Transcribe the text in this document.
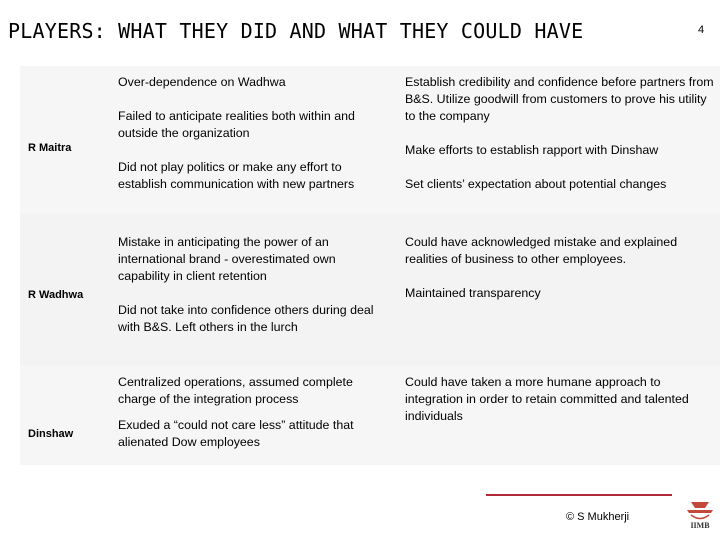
PLAYERS: WHAT THEY DID AND WHAT THEY COULD HAVE	4
R Maitra

Over-dependence on Wadhwa

Failed to anticipate realities both within and outside the organization

Did not play politics or make any effort to establish communication with new partners

Establish credibility and confidence before partners from B&S. Utilize goodwill from customers to prove his utility to the company

Make efforts to establish rapport with Dinshaw

Set clients’ expectation about potential changes

R Wadhwa

Mistake in anticipating the power of an international brand - overestimated own capability in client retention

Did not take into confidence others during deal with B&S. Left others in the lurch

Could have acknowledged mistake and explained realities of business to other employees.

Maintained transparency

Dinshaw

Centralized operations, assumed complete charge of the integration process

Exuded a “could not care less” attitude that alienated Dow employees

Could have taken a more humane approach to integration in order to retain committed and talented individuals

© S Mukherji
IIMB
